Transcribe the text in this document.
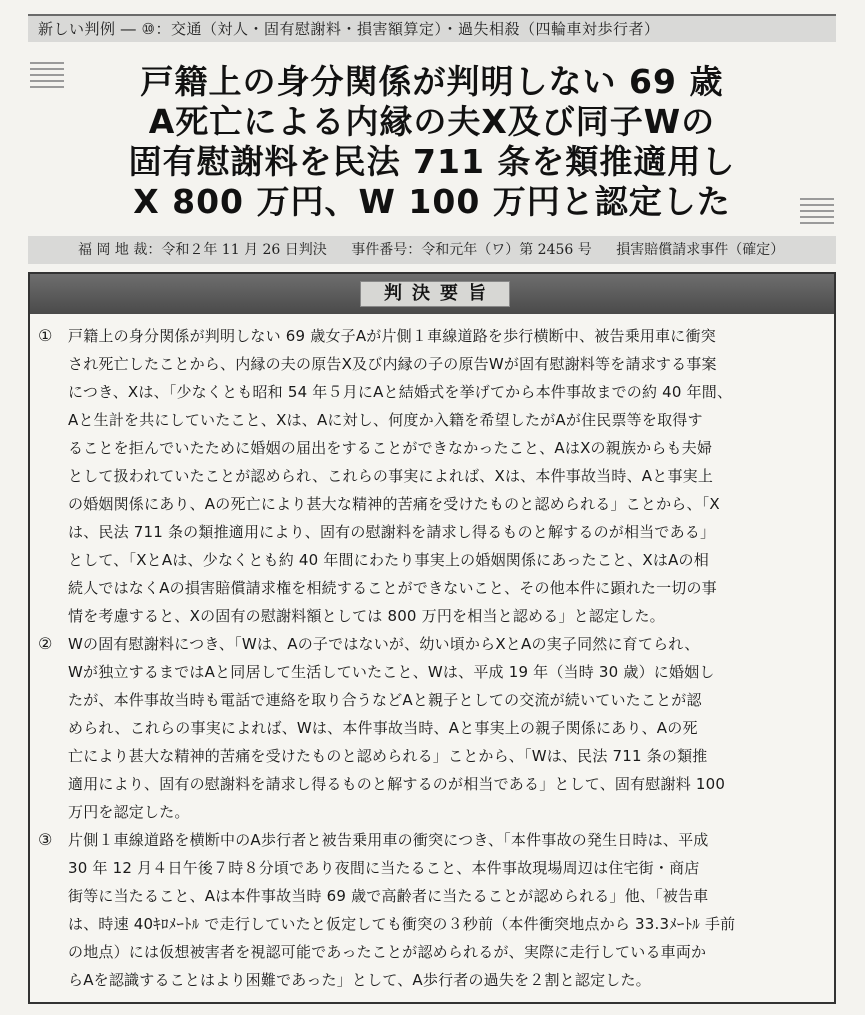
新しい判例 ― ⑩：交通（対人・固有慰謝料・損害額算定）・過失相殺（四輪車対歩行者）
戸籍上の身分関係が判明しない 69 歳
A死亡による内縁の夫X及び同子Wの
固有慰謝料を民法 711 条を類推適用し
X 800 万円、W 100 万円と認定した
福 岡 地 裁：令和２年 11 月 26 日判決 事件番号：令和元年（ワ）第 2456 号 損害賠償請求事件（確定）
判決要旨
① 戸籍上の身分関係が判明しない 69 歳女子Aが片側１車線道路を歩行横断中、被告乗用車に衝突
され死亡したことから、内縁の夫の原告X及び内縁の子の原告Wが固有慰謝料等を請求する事案
につき、Xは、「少なくとも昭和 54 年５月にAと結婚式を挙げてから本件事故までの約 40 年間、
Aと生計を共にしていたこと、Xは、Aに対し、何度か入籍を希望したがAが住民票等を取得す
ることを拒んでいたために婚姻の届出をすることができなかったこと、AはXの親族からも夫婦
として扱われていたことが認められ、これらの事実によれば、Xは、本件事故当時、Aと事実上
の婚姻関係にあり、Aの死亡により甚大な精神的苦痛を受けたものと認められる」ことから、「X
は、民法 711 条の類推適用により、固有の慰謝料を請求し得るものと解するのが相当である」
として、「XとAは、少なくとも約 40 年間にわたり事実上の婚姻関係にあったこと、XはAの相
続人ではなくAの損害賠償請求権を相続することができないこと、その他本件に顕れた一切の事
情を考慮すると、Xの固有の慰謝料額としては 800 万円を相当と認める」と認定した。
② Wの固有慰謝料につき、「Wは、Aの子ではないが、幼い頃からXとAの実子同然に育てられ、
Wが独立するまではAと同居して生活していたこと、Wは、平成 19 年（当時 30 歳）に婚姻し
たが、本件事故当時も電話で連絡を取り合うなどAと親子としての交流が続いていたことが認
められ、これらの事実によれば、Wは、本件事故当時、Aと事実上の親子関係にあり、Aの死
亡により甚大な精神的苦痛を受けたものと認められる」ことから、「Wは、民法 711 条の類推
適用により、固有の慰謝料を請求し得るものと解するのが相当である」として、固有慰謝料 100
万円を認定した。
③ 片側１車線道路を横断中のA歩行者と被告乗用車の衝突につき、「本件事故の発生日時は、平成
30 年 12 月４日午後７時８分頃であり夜間に当たること、本件事故現場周辺は住宅街・商店
街等に当たること、Aは本件事故当時 69 歳で高齢者に当たることが認められる」他、「被告車
は、時速 40ｷﾛﾒｰﾄﾙ で走行していたと仮定しても衝突の３秒前（本件衝突地点から 33.3ﾒｰﾄﾙ 手前
の地点）には仮想被害者を視認可能であったことが認められるが、実際に走行している車両か
らAを認識することはより困難であった」として、A歩行者の過失を２割と認定した。
